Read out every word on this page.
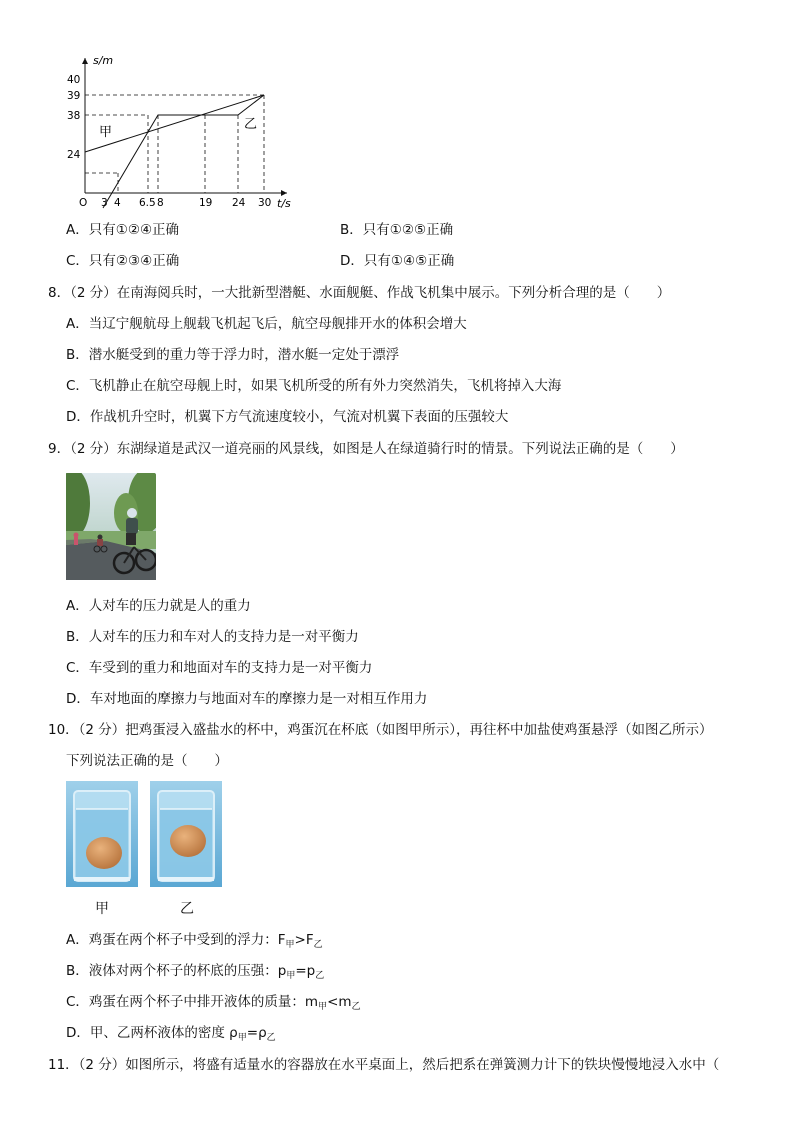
s/m
40
39
38
24
O 3 4 6.5 8	19 24 30 t/s
甲
乙
A．只有①②④正确	B．只有①②⑤正确
C．只有②③④正确	D．只有①④⑤正确
8．（2 分）在南海阅兵时，一大批新型潜艇、水面舰艇、作战飞机集中展示。下列分析合理的是（　　）
A．当辽宁舰航母上舰载飞机起飞后，航空母舰排开水的体积会增大
B．潜水艇受到的重力等于浮力时，潜水艇一定处于漂浮
C．飞机静止在航空母舰上时，如果飞机所受的所有外力突然消失，飞机将掉入大海
D．作战机升空时，机翼下方气流速度较小，气流对机翼下表面的压强较大
9．（2 分）东湖绿道是武汉一道亮丽的风景线，如图是人在绿道骑行时的情景。下列说法正确的是（　　）
A．人对车的压力就是人的重力
B．人对车的压力和车对人的支持力是一对平衡力
C．车受到的重力和地面对车的支持力是一对平衡力
D．车对地面的摩擦力与地面对车的摩擦力是一对相互作用力
10．（2 分）把鸡蛋浸入盛盐水的杯中，鸡蛋沉在杯底（如图甲所示），再往杯中加盐使鸡蛋悬浮（如图乙所示）
下列说法正确的是（　　）
甲	乙
A．鸡蛋在两个杯子中受到的浮力：$F_甲>F_乙$
B．液体对两个杯子的杯底的压强：$p_甲=p_乙$
C．鸡蛋在两个杯子中排开液体的质量：$m_甲<m_乙$
D．甲、乙两杯液体的密度 $\rho_甲=\rho_乙$
11．（2 分）如图所示，将盛有适量水的容器放在水平桌面上，然后把系在弹簧测力计下的铁块慢慢地浸入水中（
